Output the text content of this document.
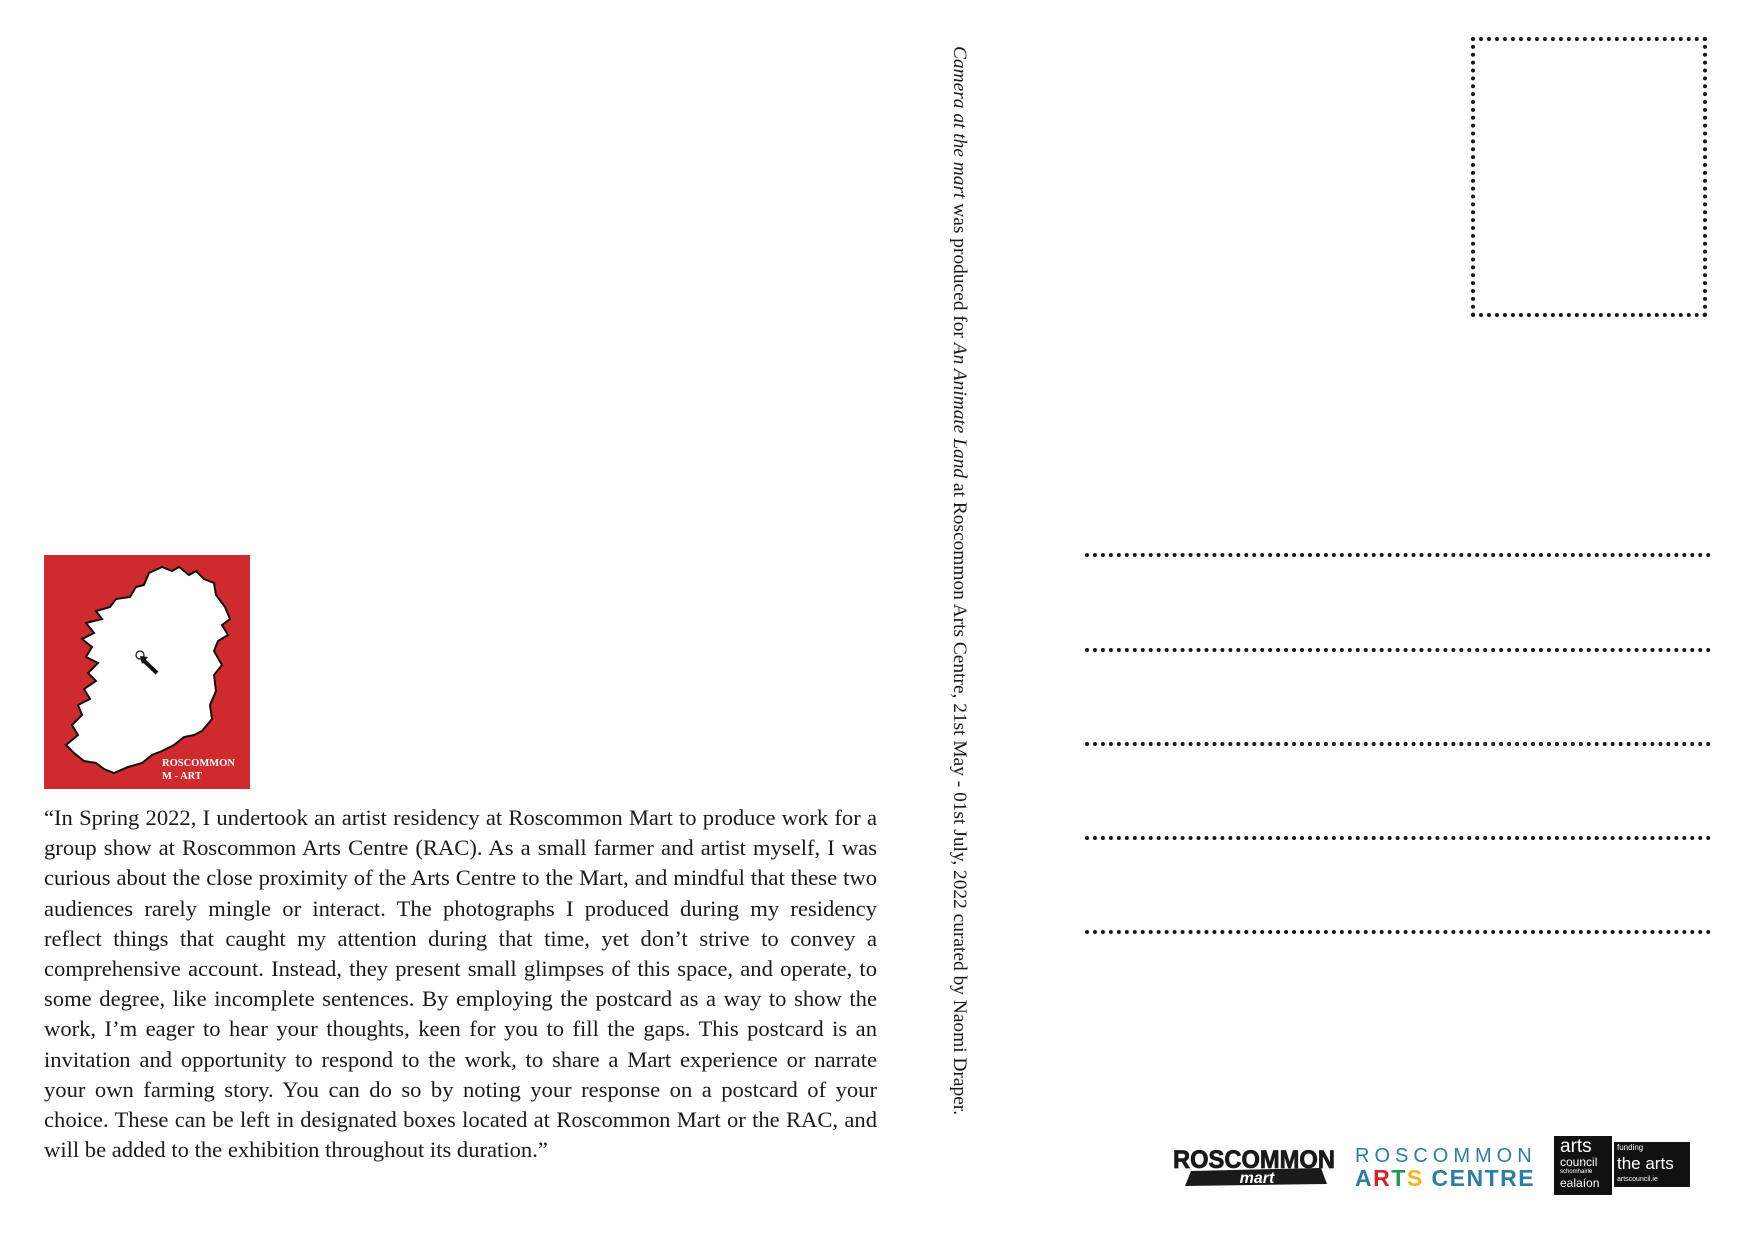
ROSCOMMON
M - ART

“In Spring 2022, I undertook an artist residency at Roscommon Mart to produce work for a group show at Roscommon Arts Centre (RAC). As a small farmer and artist myself, I was curious about the close proximity of the Arts Centre to the Mart, and mindful that these two audiences rarely mingle or interact. The photographs I produced during my residency reflect things that caught my attention during that time, yet don’t strive to convey a comprehensive account. Instead, they present small glimpses of this space, and operate, to some degree, like incomplete sentences. By employing the postcard as a way to show the work, I’m eager to hear your thoughts, keen for you to fill the gaps. This postcard is an invitation and opportunity to respond to the work, to share a Mart experience or narrate your own farming story. You can do so by noting your response on a postcard of your choice. These can be left in designated boxes located at Roscommon Mart or the RAC, and will be added to the exhibition throughout its duration.”

Camera at the mart was produced for An Animate Land at Roscommon Arts Centre, 21st May - 01st July, 2022 curated by Naomi Draper.
ROSCOMMON
mart
ROSCOMMON
ARTS CENTRE
arts
council
schomhairle
ealaíon
funding
the arts
artscouncil.ie
